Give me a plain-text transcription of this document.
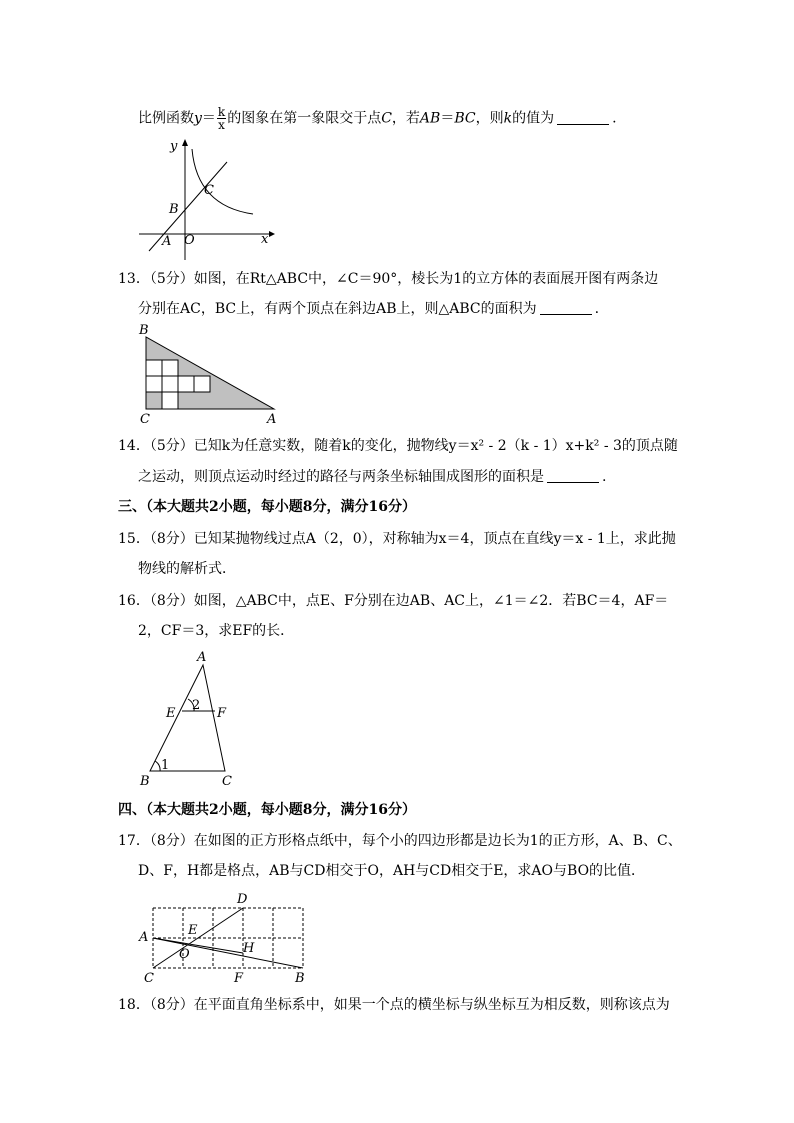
比例函数$y= \frac{k}{x}$ 的图象在第一象限交于点C，若AB＝BC，则k的值为	.
y
x
C
B
A O
13．（5分）如图，在Rt△ABC中，∠C＝90°，棱长为1的立方体的表面展开图有两条边
分别在AC，BC上，有两个顶点在斜边AB上，则△ABC的面积为	.
B
C	A
14．（5分）已知k为任意实数，随着k的变化，抛物线y＝x² - 2（k - 1）x+k² - 3的顶点随
之运动，则顶点运动时经过的路径与两条坐标轴围成图形的面积是	.
三、（本大题共2小题，每小题8分，满分16分）
15．（8分）已知某抛物线过点A（2，0），对称轴为x＝4，顶点在直线y＝x - 1上，求此抛
物线的解析式．
16．（8分）如图，△ABC中，点E、F分别在边AB、AC上，∠1＝∠2．若BC＝4，AF＝
2，CF＝3，求EF的长．
A
E	F
B	C
1
2
四、（本大题共2小题，每小题8分，满分16分）
17．（8分）在如图的正方形格点纸中，每个小的四边形都是边长为1的正方形，A、B、C、
D、F，H都是格点，AB与CD相交于O，AH与CD相交于E，求AO与BO的比值．
D
A	E
H
O
C	F	B
18．（8分）在平面直角坐标系中，如果一个点的横坐标与纵坐标互为相反数，则称该点为
